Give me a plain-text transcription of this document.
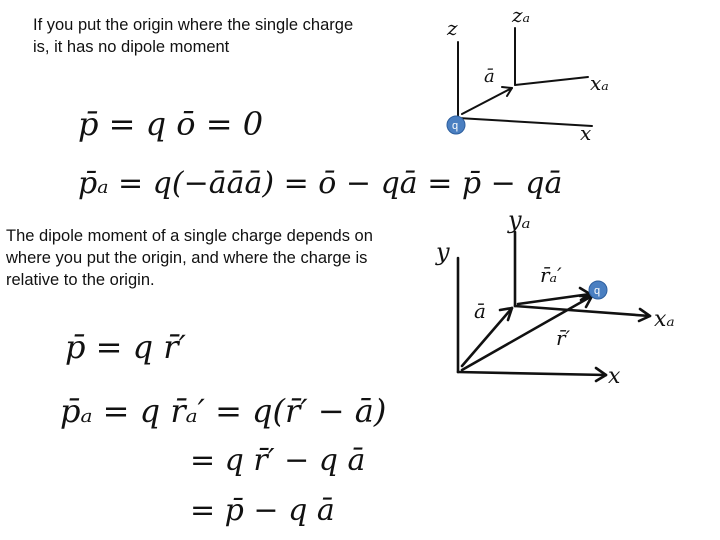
If you put the origin where the single charge is, it has no dipole moment
The dipole moment of a single charge depends on where you put the origin, and where the charge is relative to the origin.
p̄ = q ō = 0
p̄ₐ = q(−āāā) = ō − qā = p̄ − qā
p̄ = q r̄′
p̄ₐ = q r̄ₐ′ = q(r̄′ − ā)
= q r̄′ − q ā
= p̄ − q ā
z
zₐ
xₐ
x
ā
q
y
yₐ
xₐ
x
ā
r̄ₐ′
r̄′
q
